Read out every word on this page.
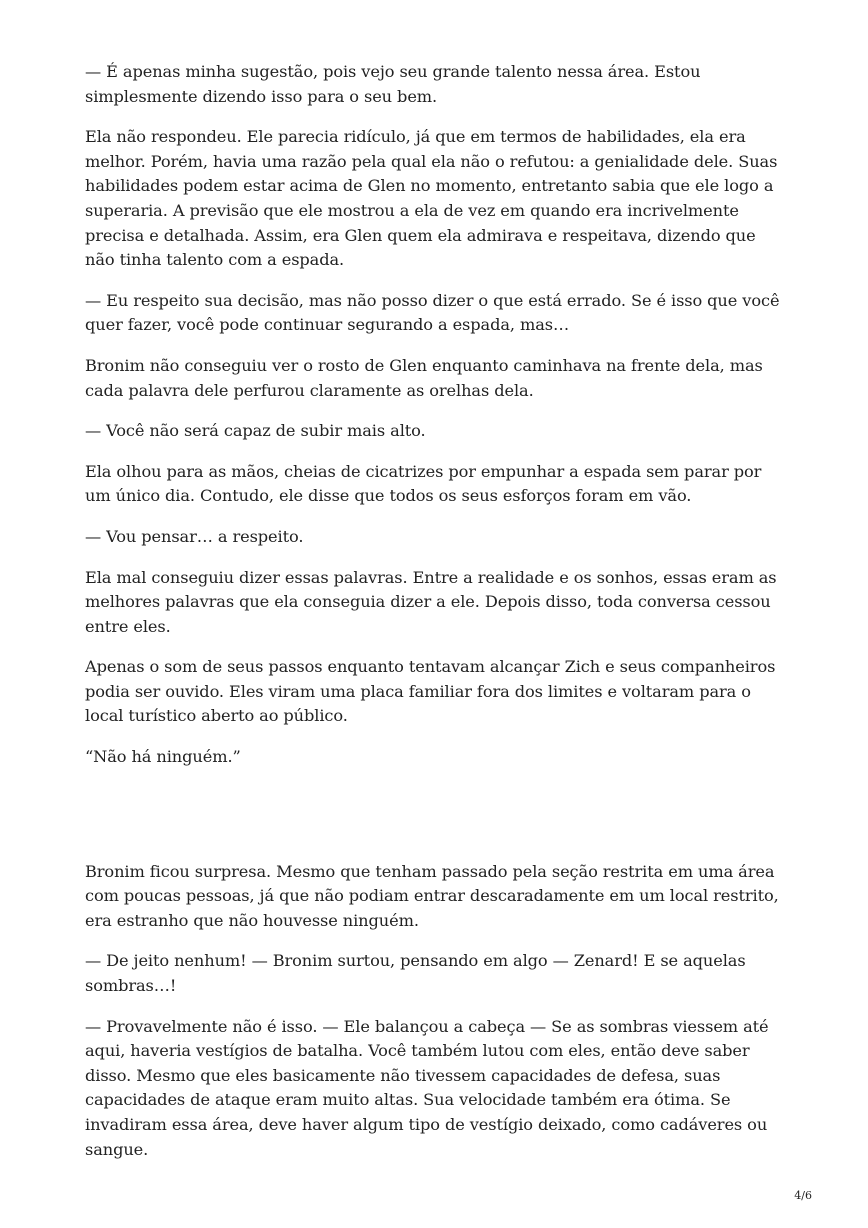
— É apenas minha sugestão, pois vejo seu grande talento nessa área. Estou simplesmente dizendo isso para o seu bem.

Ela não respondeu. Ele parecia ridículo, já que em termos de habilidades, ela era melhor. Porém, havia uma razão pela qual ela não o refutou: a genialidade dele. Suas habilidades podem estar acima de Glen no momento, entretanto sabia que ele logo a superaria. A previsão que ele mostrou a ela de vez em quando era incrivelmente precisa e detalhada. Assim, era Glen quem ela admirava e respeitava, dizendo que não tinha talento com a espada.

— Eu respeito sua decisão, mas não posso dizer o que está errado. Se é isso que você quer fazer, você pode continuar segurando a espada, mas…

Bronim não conseguiu ver o rosto de Glen enquanto caminhava na frente dela, mas cada palavra dele perfurou claramente as orelhas dela.

— Você não será capaz de subir mais alto.

Ela olhou para as mãos, cheias de cicatrizes por empunhar a espada sem parar por um único dia. Contudo, ele disse que todos os seus esforços foram em vão.

— Vou pensar… a respeito.

Ela mal conseguiu dizer essas palavras. Entre a realidade e os sonhos, essas eram as melhores palavras que ela conseguia dizer a ele. Depois disso, toda conversa cessou entre eles.

Apenas o som de seus passos enquanto tentavam alcançar Zich e seus companheiros podia ser ouvido. Eles viram uma placa familiar fora dos limites e voltaram para o local turístico aberto ao público.

“Não há ninguém.”

Bronim ficou surpresa. Mesmo que tenham passado pela seção restrita em uma área com poucas pessoas, já que não podiam entrar descaradamente em um local restrito, era estranho que não houvesse ninguém.

— De jeito nenhum! — Bronim surtou, pensando em algo — Zenard! E se aquelas sombras…!

— Provavelmente não é isso. — Ele balançou a cabeça — Se as sombras viessem até aqui, haveria vestígios de batalha. Você também lutou com eles, então deve saber disso. Mesmo que eles basicamente não tivessem capacidades de defesa, suas capacidades de ataque eram muito altas. Sua velocidade também era ótima. Se invadiram essa área, deve haver algum tipo de vestígio deixado, como cadáveres ou sangue.

4/6
